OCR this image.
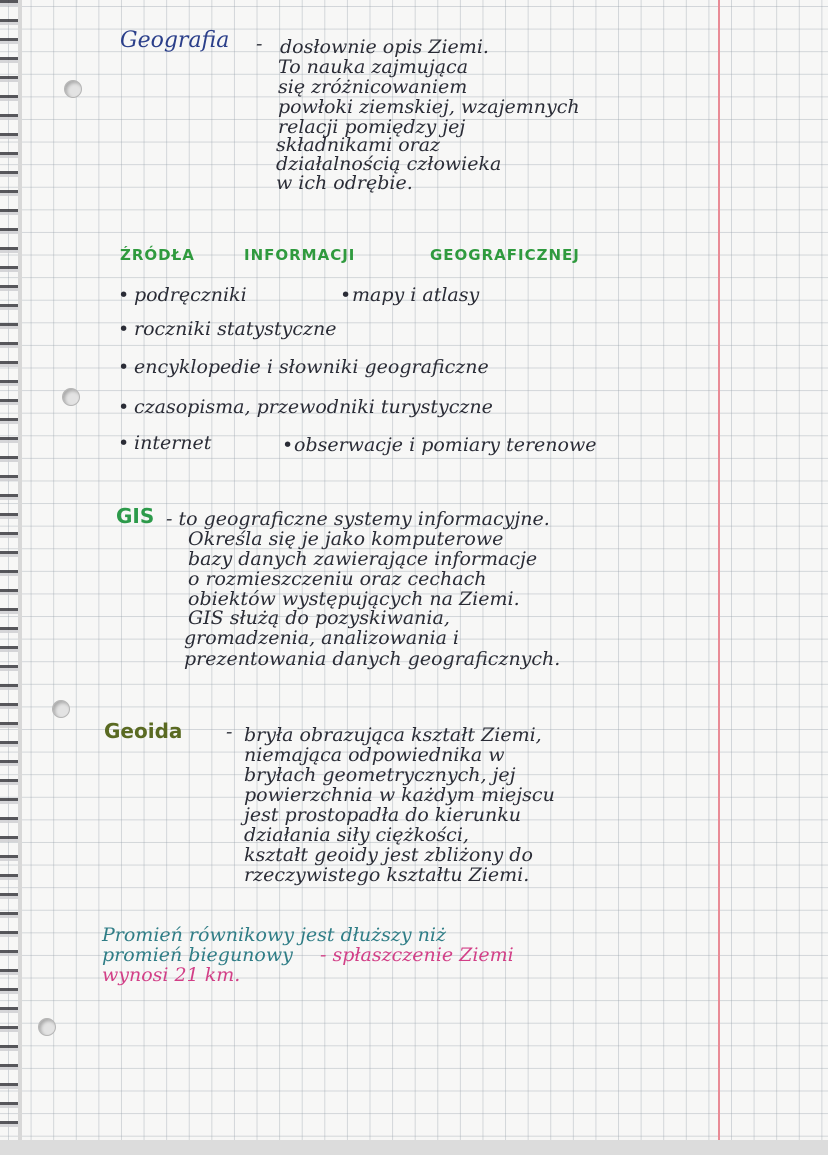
Geografia - dosłownie opis Ziemi.
To nauka zajmująca
się zróżnicowaniem
powłoki ziemskiej, wzajemnych
relacji pomiędzy jej
składnikami oraz
działalnością człowieka
w ich odrębie.
ŹRÓDŁA	INFORMACJI	GEOGRAFICZNEJ
• podręczniki	• mapy i atlasy
• roczniki statystyczne
• encyklopedie i słowniki geograficzne
• czasopisma, przewodniki turystyczne
• internet	• obserwacje i pomiary terenowe
GIS - to geograficzne systemy informacyjne.
Określa się je jako komputerowe
bazy danych zawierające informacje
o rozmieszczeniu oraz cechach
obiektów występujących na Ziemi.
GIS służą do pozyskiwania,
gromadzenia, analizowania i
prezentowania danych geograficznych.
Geoida - bryła obrazująca kształt Ziemi,
niemająca odpowiednika w
bryłach geometrycznych, jej
powierzchnia w każdym miejscu
jest prostopadła do kierunku
działania siły ciężkości,
kształt geoidy jest zbliżony do
rzeczywistego kształtu Ziemi.
Promień równikowy jest dłuższy niż
promień biegunowy - spłaszczenie Ziemi
wynosi 21 km.
